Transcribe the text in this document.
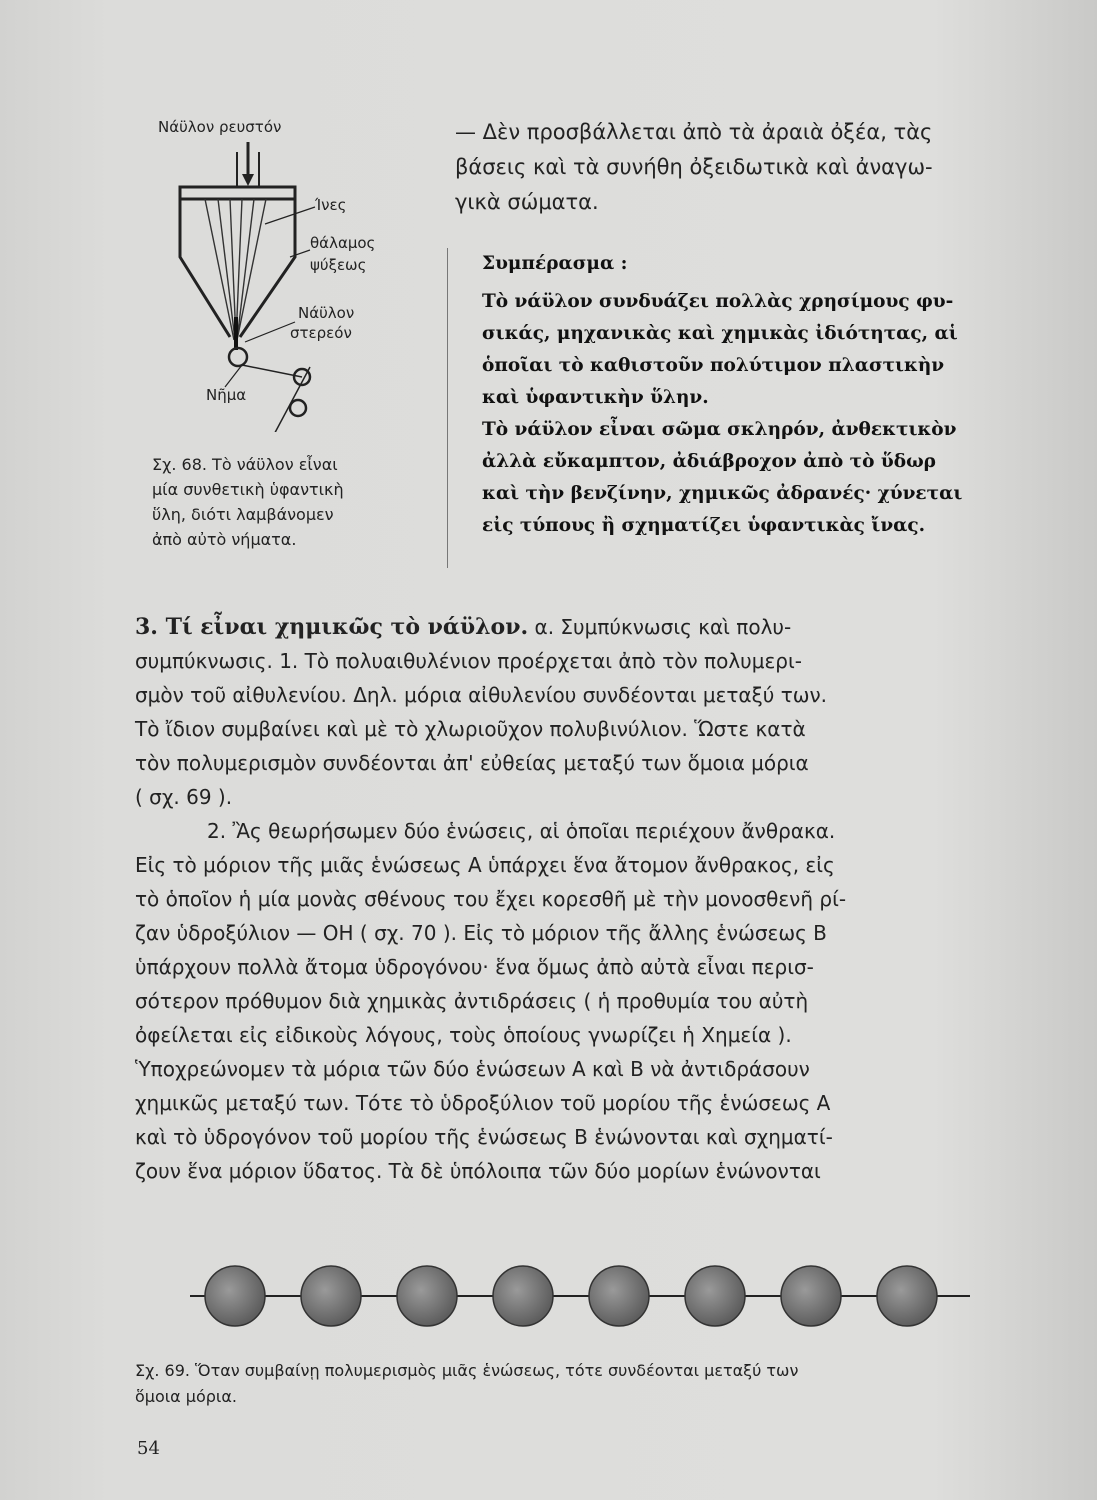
Νάϋλον ρευστόν
Ίνες
θάλαμος
ψύξεως
Νάϋλον
στερεόν
Νῆμα

Σχ. 68. Τὸ νάϋλον εἶναι

μία συνθετικὴ ὑφαντικὴ

ὕλη, διότι λαμβάνομεν

ἀπὸ αὐτὸ νήματα.

— Δὲν προσβάλλεται ἀπὸ τὰ ἀραιὰ ὀξέα, τὰς

βάσεις καὶ τὰ συνήθη ὀξειδωτικὰ καὶ ἀναγω-

γικὰ σώματα.

Συμπέρασμα :

Τὸ νάϋλον συνδυάζει πολλὰς χρησίμους φυ-

σικάς, μηχανικὰς καὶ χημικὰς ἰδιότητας, αἱ

ὁποῖαι τὸ καθιστοῦν πολύτιμον πλαστικὴν

καὶ ὑφαντικὴν ὕλην.

Τὸ νάϋλον εἶναι σῶμα σκληρόν, ἀνθεκτικὸν

ἀλλὰ εὔκαμπτον, ἀδιάβροχον ἀπὸ τὸ ὕδωρ

καὶ τὴν βενζίνην, χημικῶς ἀδρανές· χύνεται

εἰς τύπους ἢ σχηματίζει ὑφαντικὰς ἴνας.

3. Τί εἶναι χημικῶς τὸ νάϋλον. α. Συμπύκνωσις καὶ πολυ-

συμπύκνωσις. 1. Τὸ πολυαιθυλένιον προέρχεται ἀπὸ τὸν πολυμερι-

σμὸν τοῦ αἰθυλενίου. Δηλ. μόρια αἰθυλενίου συνδέονται μεταξύ των.

Τὸ ἴδιον συμβαίνει καὶ μὲ τὸ χλωριοῦχον πολυβινύλιον. Ὥστε κατὰ

τὸν πολυμερισμὸν συνδέονται ἀπ' εὐθείας μεταξύ των ὅμοια μόρια

( σχ. 69 ).

2. Ἂς θεωρήσωμεν δύο ἑνώσεις, αἱ ὁποῖαι περιέχουν ἄνθρακα.

Εἰς τὸ μόριον τῆς μιᾶς ἑνώσεως Α ὑπάρχει ἕνα ἄτομον ἄνθρακος, εἰς

τὸ ὁποῖον ἡ μία μονὰς σθένους του ἔχει κορεσθῆ μὲ τὴν μονοσθενῆ ρί-

ζαν ὑδροξύλιον — ΟΗ ( σχ. 70 ). Εἰς τὸ μόριον τῆς ἄλλης ἑνώσεως Β

ὑπάρχουν πολλὰ ἄτομα ὑδρογόνου· ἕνα ὅμως ἀπὸ αὐτὰ εἶναι περισ-

σότερον πρόθυμον διὰ χημικὰς ἀντιδράσεις ( ἡ προθυμία του αὐτὴ

ὀφείλεται εἰς εἰδικοὺς λόγους, τοὺς ὁποίους γνωρίζει ἡ Χημεία ).

Ὑποχρεώνομεν τὰ μόρια τῶν δύο ἑνώσεων Α καὶ Β νὰ ἀντιδράσουν

χημικῶς μεταξύ των. Τότε τὸ ὑδροξύλιον τοῦ μορίου τῆς ἑνώσεως Α

καὶ τὸ ὑδρογόνον τοῦ μορίου τῆς ἑνώσεως Β ἑνώνονται καὶ σχηματί-

ζουν ἕνα μόριον ὕδατος. Τὰ δὲ ὑπόλοιπα τῶν δύο μορίων ἑνώνονται

Σχ. 69. Ὅταν συμβαίνῃ πολυμερισμὸς μιᾶς ἑνώσεως, τότε συνδέονται μεταξύ των

ὅμοια μόρια.

54
